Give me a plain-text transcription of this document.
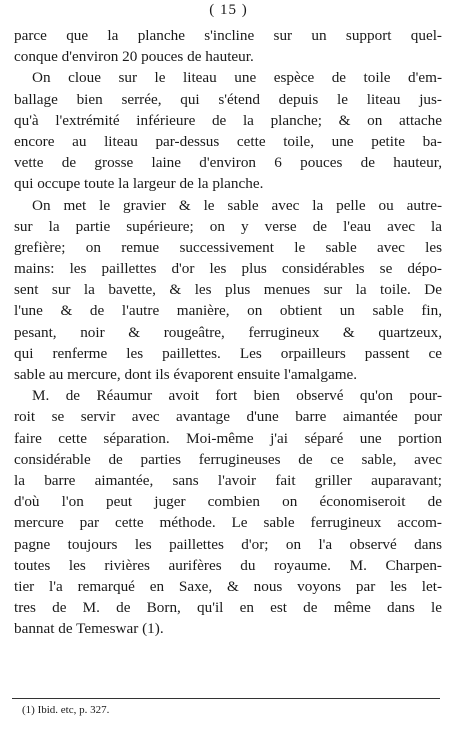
( 15 )
parce que la planche s'incline sur un support quel-
conque d'environ 20 pouces de hauteur.
On cloue sur le liteau une espèce de toile d'em-
ballage bien serrée, qui s'étend depuis le liteau jus-
qu'à l'extrémité inférieure de la planche; & on attache
encore au liteau par-dessus cette toile, une petite ba-
vette de grosse laine d'environ 6 pouces de hauteur,
qui occupe toute la largeur de la planche.
On met le gravier & le sable avec la pelle ou autre-
sur la partie supérieure; on y verse de l'eau avec la
grefière; on remue successivement le sable avec les
mains: les paillettes d'or les plus considérables se dépo-
sent sur la bavette, & les plus menues sur la toile. De
l'une & de l'autre manière, on obtient un sable fin,
pesant, noir & rougeâtre, ferrugineux & quartzeux,
qui renferme les paillettes. Les orpailleurs passent ce
sable au mercure, dont ils évaporent ensuite l'amalgame.
M. de Réaumur avoit fort bien observé qu'on pour-
roit se servir avec avantage d'une barre aimantée pour
faire cette séparation. Moi-même j'ai séparé une portion
considérable de parties ferrugineuses de ce sable, avec
la barre aimantée, sans l'avoir fait griller auparavant;
d'où l'on peut juger combien on économiseroit de
mercure par cette méthode. Le sable ferrugineux accom-
pagne toujours les paillettes d'or; on l'a observé dans
toutes les rivières aurifères du royaume. M. Charpen-
tier l'a remarqué en Saxe, & nous voyons par les let-
tres de M. de Born, qu'il en est de même dans le
bannat de Temeswar (1).
(1) Ibid. etc, p. 327.
